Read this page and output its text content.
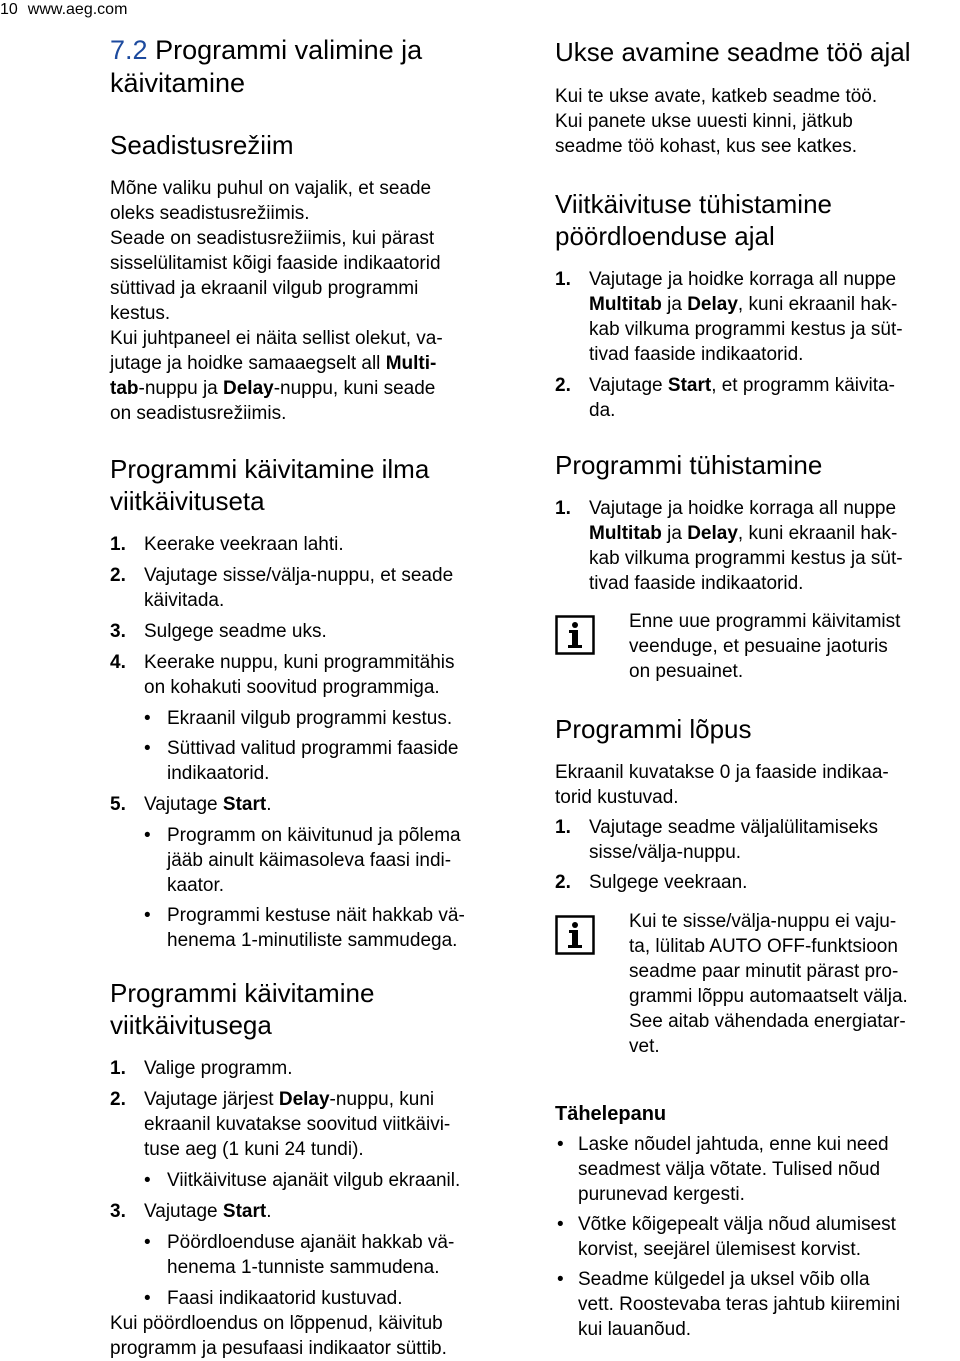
10 www.aeg.com
7.2 Programmi valimine ja käivitamine
Seadistusrežiim
Mõne valiku puhul on vajalik, et seade
oleks seadistusrežiimis.
Seade on seadistusrežiimis, kui pärast
sisselülitamist kõigi faaside indikaatorid
süttivad ja ekraanil vilgub programmi
kestus.
Kui juhtpaneel ei näita sellist olekut, va-
jutage ja hoidke samaaegselt all Multi-
tab-nuppu ja Delay-nuppu, kuni seade
on seadistusrežiimis.
Programmi käivitamine ilma
viitkäivituseta
1. Keerake veekraan lahti.
2. Vajutage sisse/välja-nuppu, et seade
käivitada.
3. Sulgege seadme uks.
4. Keerake nuppu, kuni programmitähis
on kohakuti soovitud programmiga.
• Ekraanil vilgub programmi kestus.
• Süttivad valitud programmi faaside
indikaatorid.
5. Vajutage Start.
• Programm on käivitunud ja põlema
jääb ainult käimasoleva faasi indi-
kaator.
• Programmi kestuse näit hakkab vä-
henema 1-minutiliste sammudega.
Programmi käivitamine
viitkäivitusega
1. Valige programm.
2. Vajutage järjest Delay-nuppu, kuni
ekraanil kuvatakse soovitud viitkäivi-
tuse aeg (1 kuni 24 tundi).
• Viitkäivituse ajanäit vilgub ekraanil.
3. Vajutage Start.
• Pöördloenduse ajanäit hakkab vä-
henema 1-tunniste sammudena.
• Faasi indikaatorid kustuvad.
Kui pöördloendus on lõppenud, käivitub
programm ja pesufaasi indikaator süttib.
Ukse avamine seadme töö ajal
Kui te ukse avate, katkeb seadme töö.
Kui panete ukse uuesti kinni, jätkub
seadme töö kohast, kus see katkes.
Viitkäivituse tühistamine
pöördloenduse ajal
1. Vajutage ja hoidke korraga all nuppe
Multitab ja Delay, kuni ekraanil hak-
kab vilkuma programmi kestus ja süt-
tivad faaside indikaatorid.
2. Vajutage Start, et programm käivita-
da.
Programmi tühistamine
1. Vajutage ja hoidke korraga all nuppe
Multitab ja Delay, kuni ekraanil hak-
kab vilkuma programmi kestus ja süt-
tivad faaside indikaatorid.
Enne uue programmi käivitamist
veenduge, et pesuaine jaoturis
on pesuainet.
Programmi lõpus
Ekraanil kuvatakse 0 ja faaside indikaa-
torid kustuvad.
1. Vajutage seadme väljalülitamiseks
sisse/välja-nuppu.
2. Sulgege veekraan.
Kui te sisse/välja-nuppu ei vaju-
ta, lülitab AUTO OFF-funktsioon
seadme paar minutit pärast pro-
grammi lõppu automaatselt välja.
See aitab vähendada energiatar-
vet.
Tähelepanu
• Laske nõudel jahtuda, enne kui need
seadmest välja võtate. Tulised nõud
purunevad kergesti.
• Võtke kõigepealt välja nõud alumisest
korvist, seejärel ülemisest korvist.
• Seadme külgedel ja uksel võib olla
vett. Roostevaba teras jahtub kiiremini
kui lauanõud.
